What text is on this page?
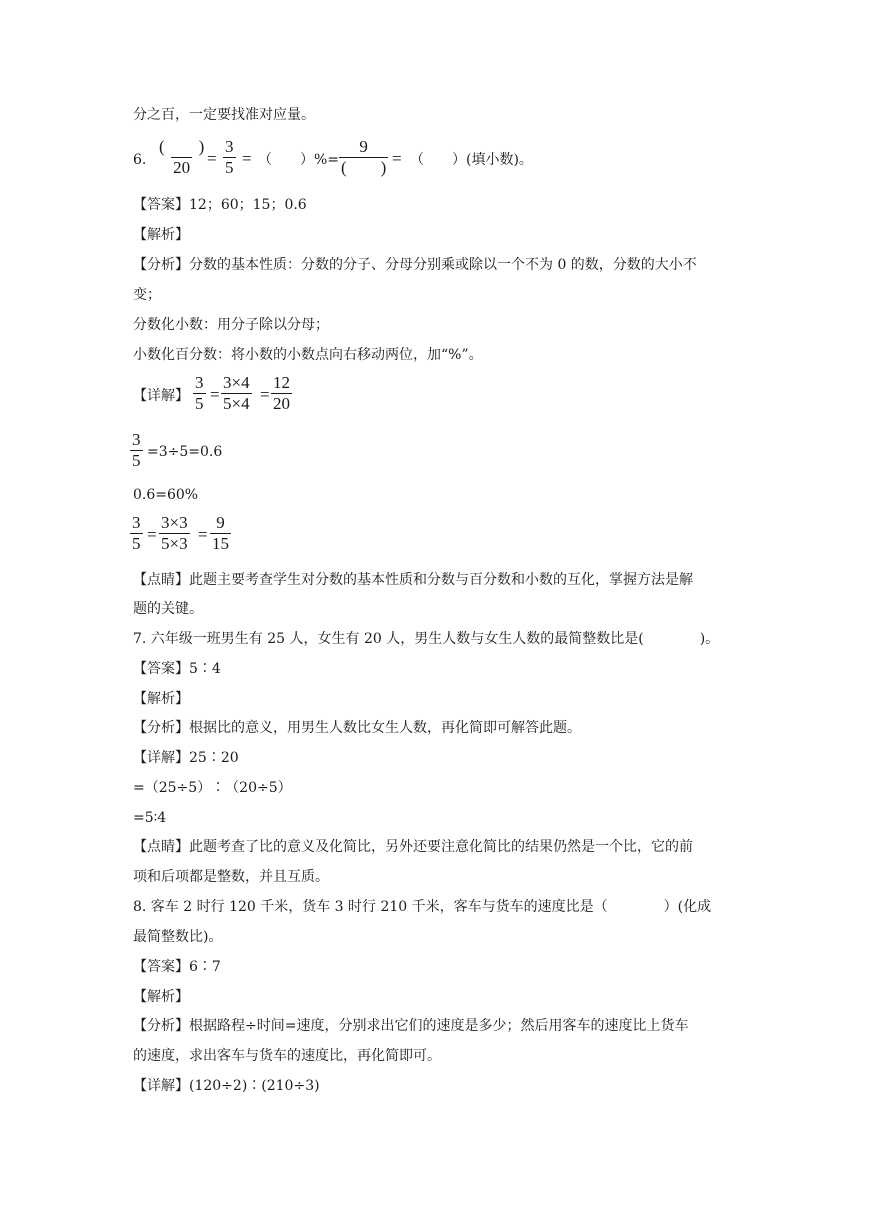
分之百，一定要找准对应量。
6.
(　　)
$20 = \frac{3}{5}$ = （　　）%=
9
(　　) = （　　）(填小数)。
【答案】12；60；15；0.6
【解析】
【分析】分数的基本性质：分数的分子、分母分别乘或除以一个不为 0 的数，分数的大小不
变；
分数化小数：用分子除以分母；
小数化百分数：将小数的小数点向右移动两位，加“%”。
【详解】 $\frac{3}{5} = \frac{3\times 4}{5\times 4} = \frac{12}{20}$
$\frac{3}{5} =3\div 5=0.6$
0.6=60%
$\frac{3}{5} = \frac{3\times 3}{5\times 3} = \frac{9}{15}$
【点睛】此题主要考查学生对分数的基本性质和分数与百分数和小数的互化，掌握方法是解
题的关键。
7. 六年级一班男生有 25 人，女生有 20 人，男生人数与女生人数的最简整数比是(　　　　)。
【答案】5∶4
【解析】
【分析】根据比的意义，用男生人数比女生人数，再化简即可解答此题。
【详解】25∶20
=（25÷5）∶（20÷5）
=5∶4
【点睛】此题考查了比的意义及化简比，另外还要注意化简比的结果仍然是一个比，它的前
项和后项都是整数，并且互质。
8. 客车 2 时行 120 千米，货车 3 时行 210 千米，客车与货车的速度比是（　　　　）(化成
最简整数比)。
【答案】6∶7
【解析】
【分析】根据路程÷时间=速度，分别求出它们的速度是多少；然后用客车的速度比上货车
的速度，求出客车与货车的速度比，再化简即可。
【详解】(120÷2)∶(210÷3)
